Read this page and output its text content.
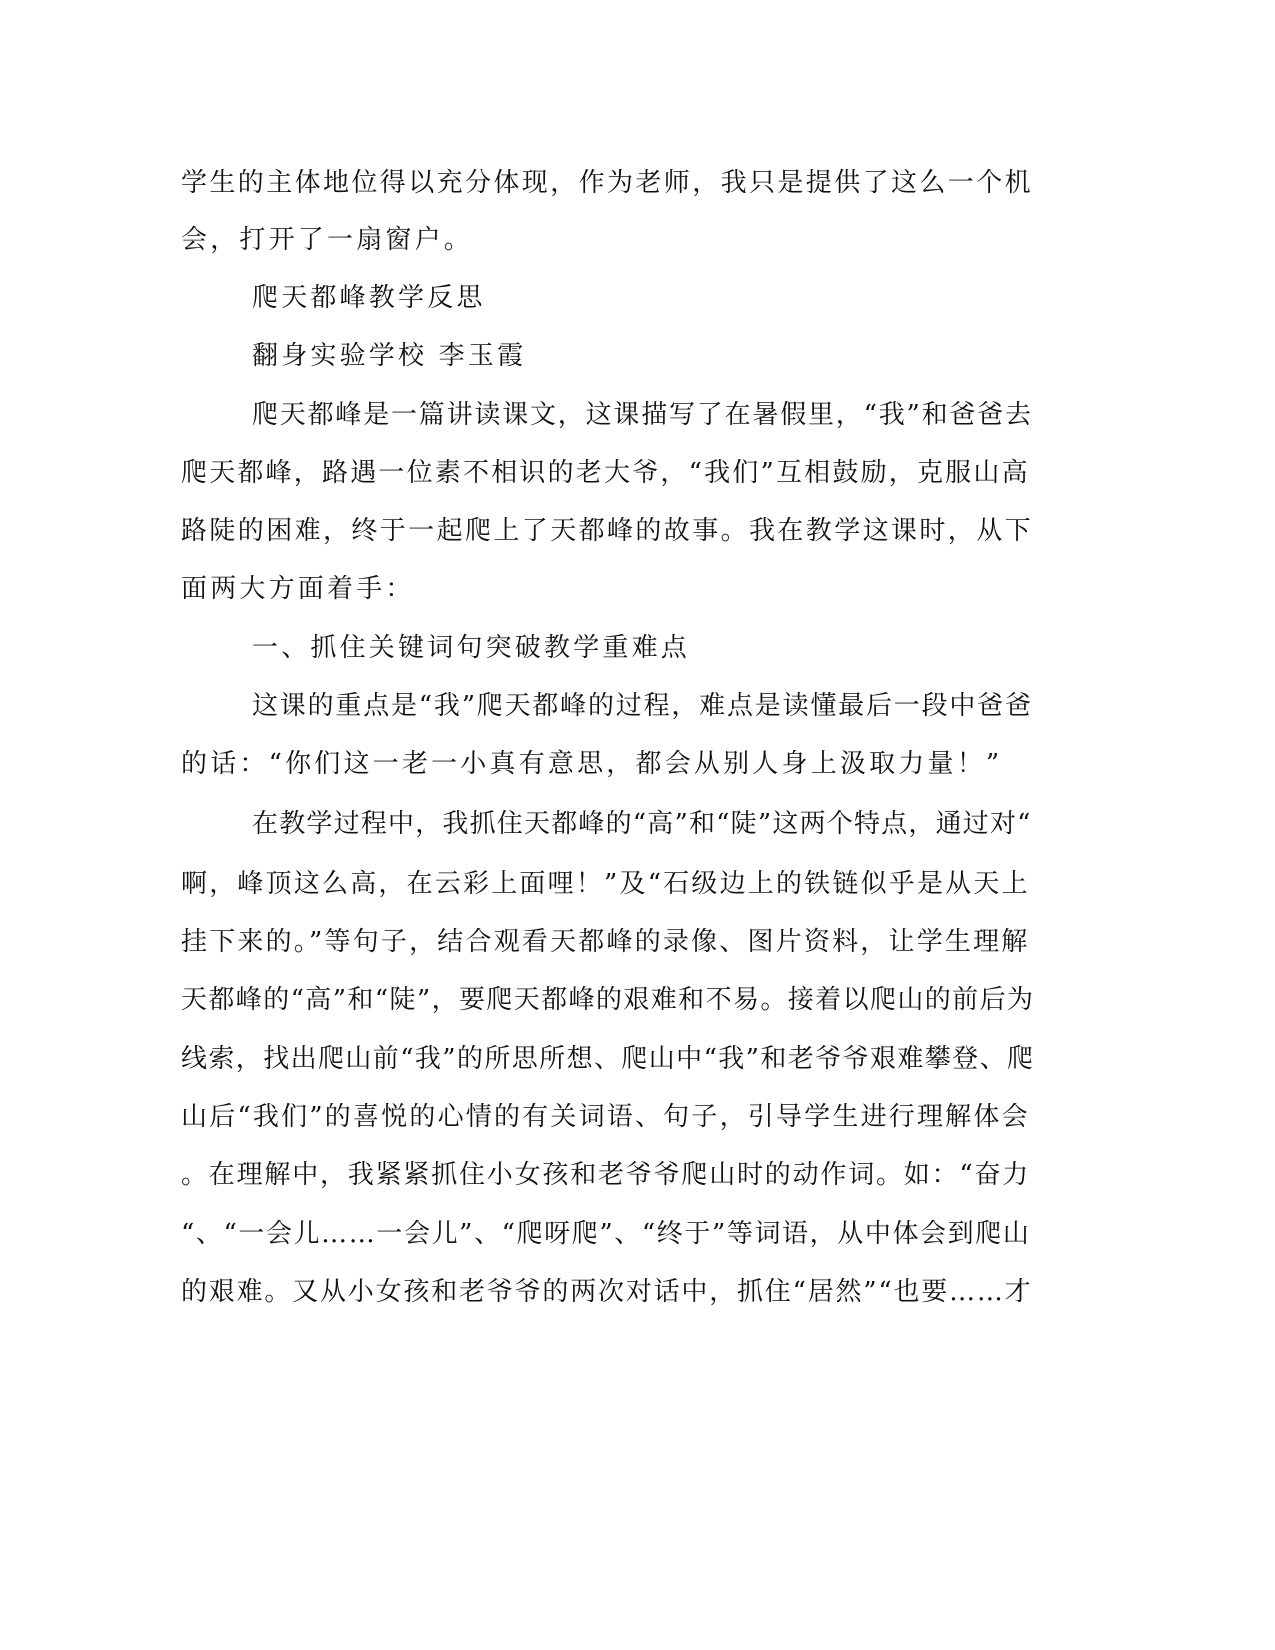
学生的主体地位得以充分体现，作为老师，我只是提供了这么一个机
会，打开了一扇窗户。
爬天都峰教学反思
翻身实验学校 李玉霞
爬天都峰是一篇讲读课文，这课描写了在暑假里，“我”和爸爸去
爬天都峰，路遇一位素不相识的老大爷，“我们”互相鼓励，克服山高
路陡的困难，终于一起爬上了天都峰的故事。我在教学这课时，从下
面两大方面着手：
一、抓住关键词句突破教学重难点
这课的重点是“我”爬天都峰的过程，难点是读懂最后一段中爸爸
的话：“你们这一老一小真有意思，都会从别人身上汲取力量！”
在教学过程中，我抓住天都峰的“高”和“陡”这两个特点，通过对“
啊，峰顶这么高，在云彩上面哩！”及“石级边上的铁链似乎是从天上
挂下来的。”等句子，结合观看天都峰的录像、图片资料，让学生理解
天都峰的“高”和“陡”，要爬天都峰的艰难和不易。接着以爬山的前后为
线索，找出爬山前“我”的所思所想、爬山中“我”和老爷爷艰难攀登、爬
山后“我们”的喜悦的心情的有关词语、句子，引导学生进行理解体会
。在理解中，我紧紧抓住小女孩和老爷爷爬山时的动作词。如：“奋力
“、“一会儿……一会儿”、“爬呀爬”、“终于”等词语，从中体会到爬山
的艰难。又从小女孩和老爷爷的两次对话中，抓住“居然”“也要……才
